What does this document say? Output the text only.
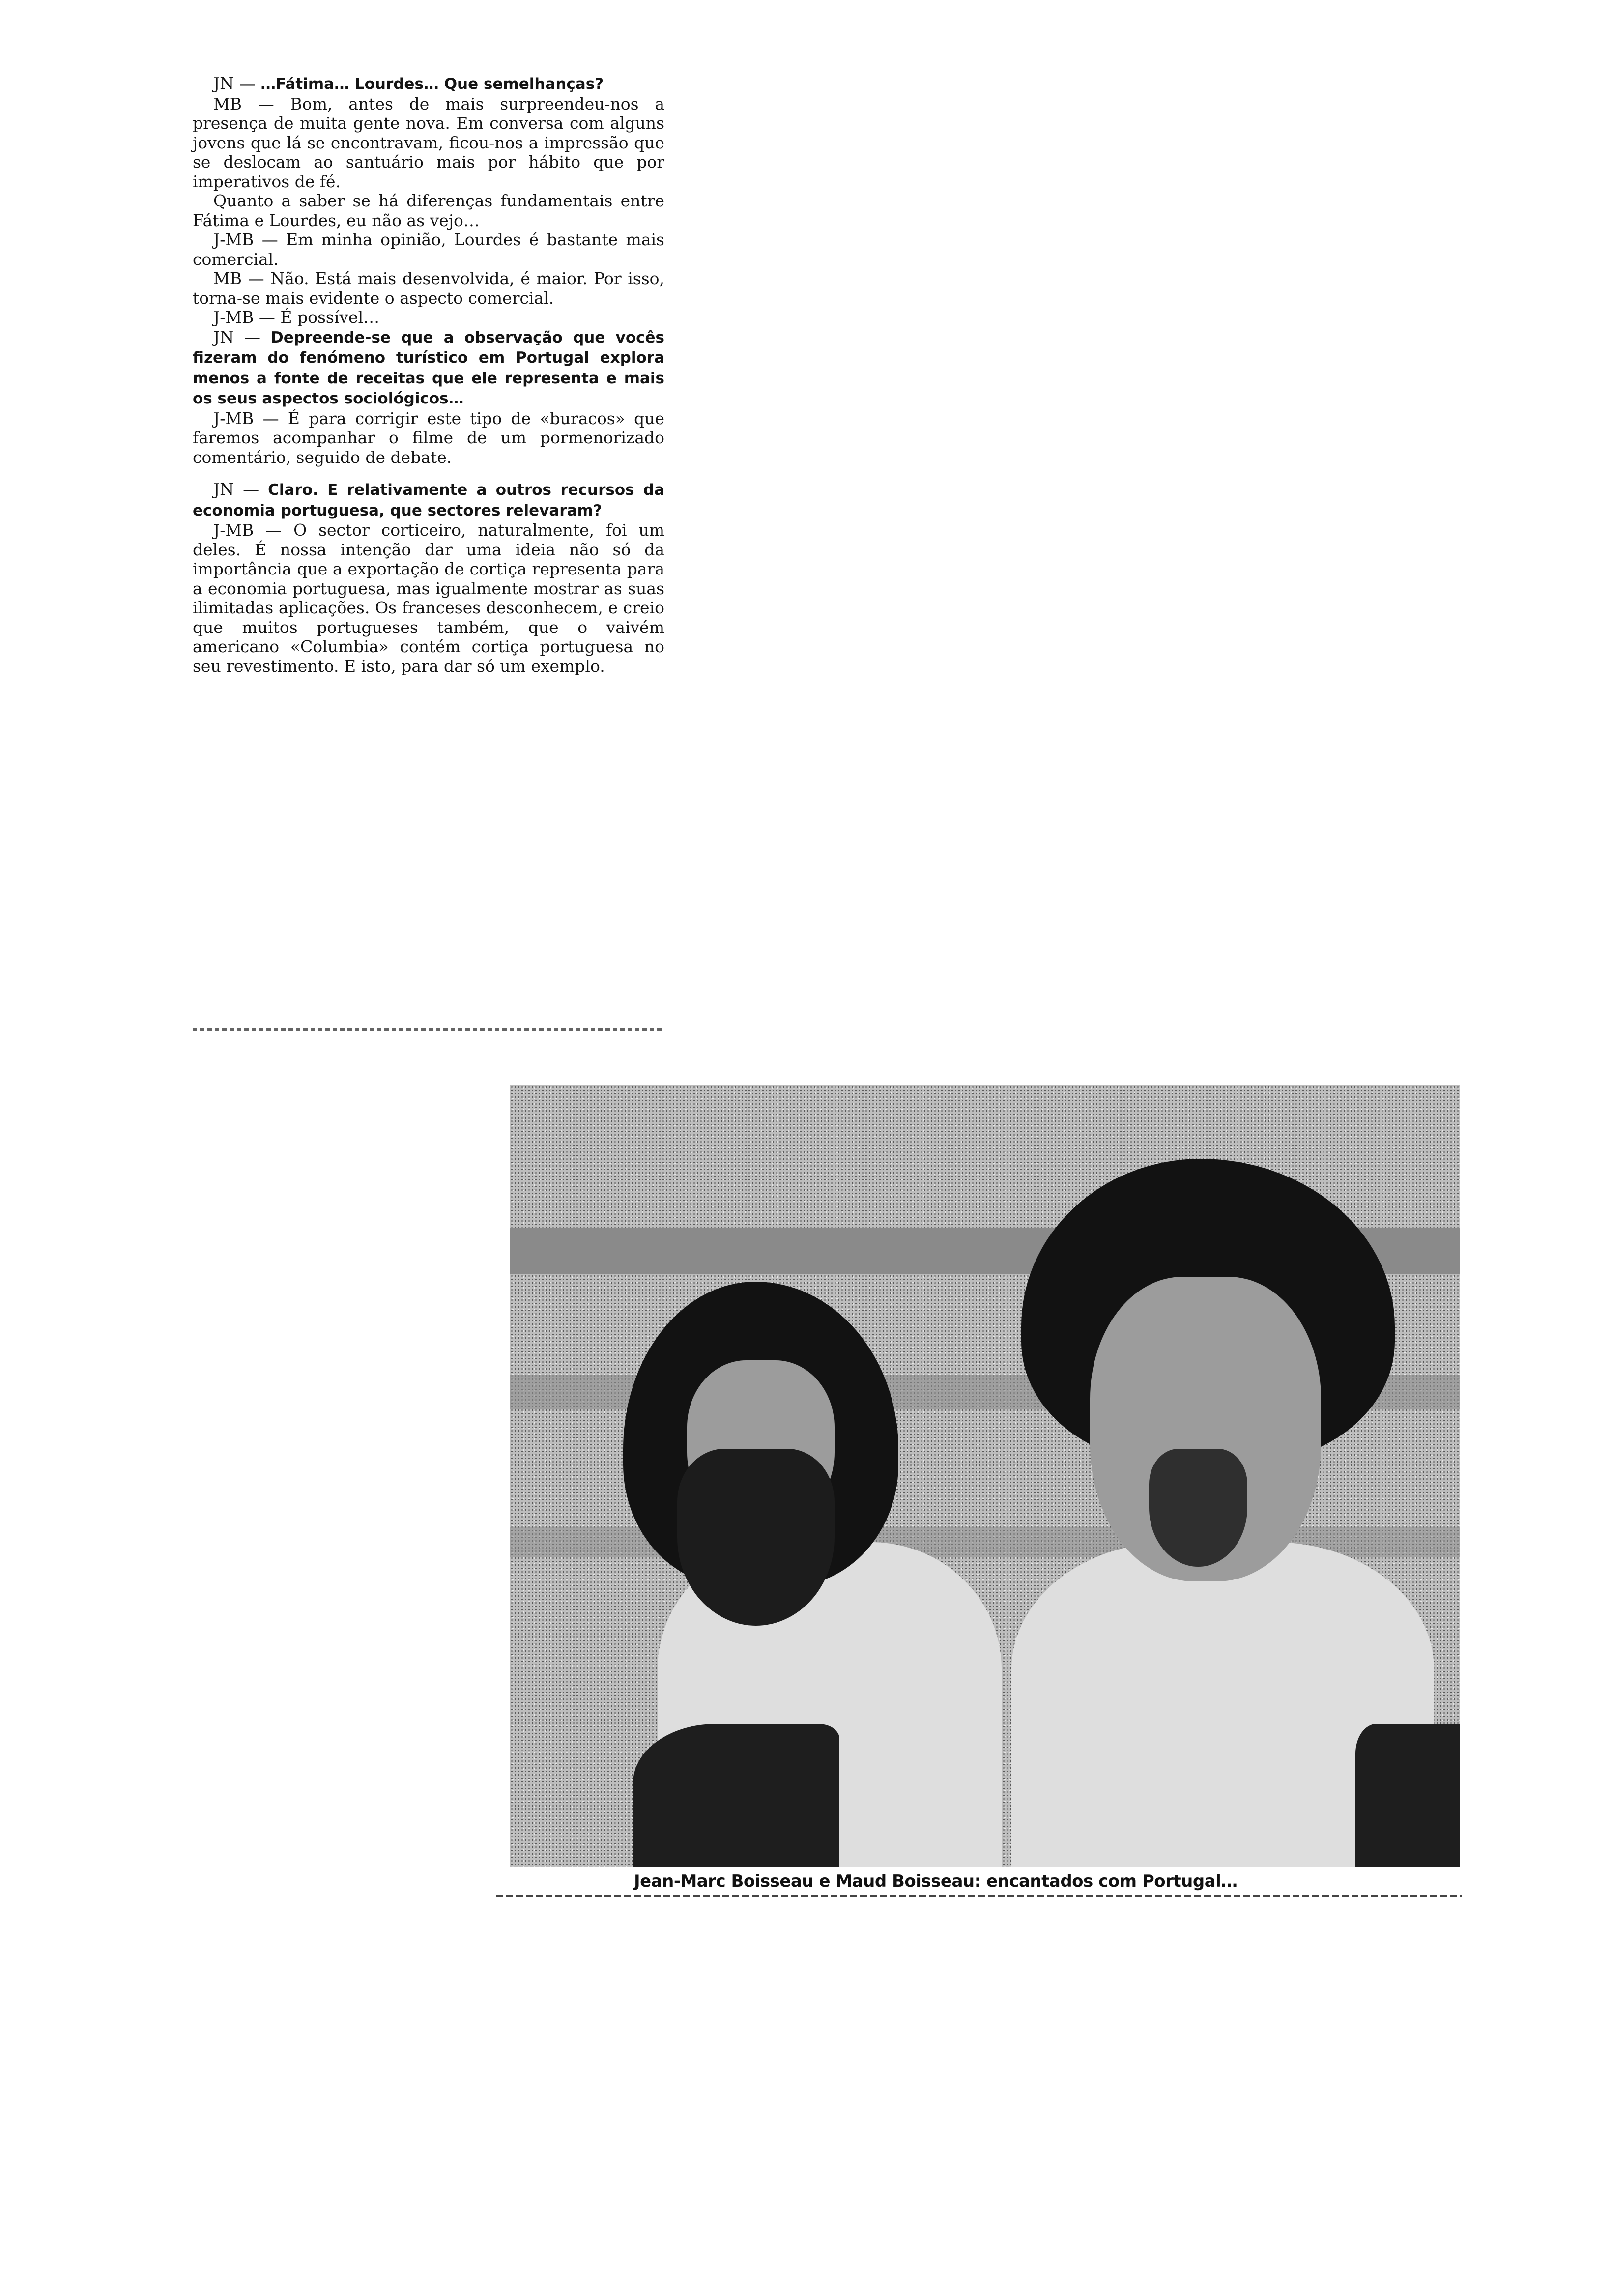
JN — …Fátima… Lourdes… Que semelhanças?

MB — Bom, antes de mais surpreendeu-nos a presença de muita gente nova. Em conversa com alguns jovens que lá se encontravam, ficou-nos a impressão que se deslocam ao santuário mais por hábito que por imperativos de fé.

Quanto a saber se há diferenças fundamentais entre Fátima e Lourdes, eu não as vejo…

J-MB — Em minha opinião, Lourdes é bastante mais comercial.

MB — Não. Está mais desenvolvida, é maior. Por isso, torna-se mais evidente o aspecto comercial.

J-MB — É possível…

JN — Depreende-se que a observação que vocês fizeram do fenómeno turístico em Portugal explora menos a fonte de receitas que ele representa e mais os seus aspectos sociológicos…

J-MB — É para corrigir este tipo de «buracos» que faremos acompanhar o filme de um pormenorizado comentário, seguido de debate.

JN — Claro. E relativamente a outros recursos da economia portuguesa, que sectores relevaram?

J-MB — O sector corticeiro, naturalmente, foi um deles. É nossa intenção dar uma ideia não só da importância que a exportação de cortiça representa para a economia portuguesa, mas igualmente mostrar as suas ilimitadas aplicações. Os franceses desconhecem, e creio que muitos portugueses também, que o vaivém americano «Columbia» contém cortiça portuguesa no seu revestimento. E isto, para dar só um exemplo.

Jean-Marc Boisseau e Maud Boisseau: encantados com Portugal…
